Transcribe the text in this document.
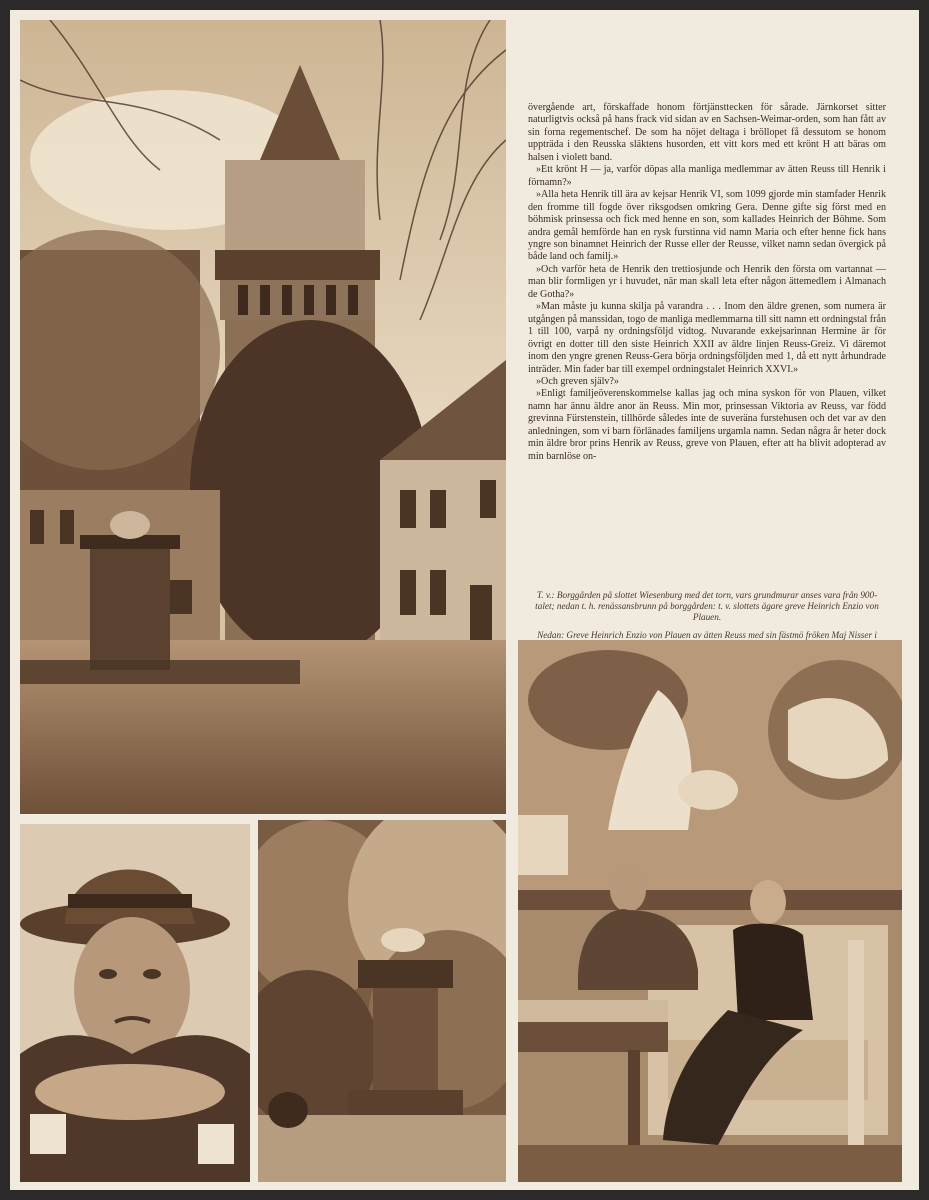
övergående art, förskaffade honom förtjänsttecken för sårade. Järnkorset sitter naturligtvis också på hans frack vid sidan av en Sachsen-Weimar-orden, som han fått av sin forna regementschef. De som ha nöjet deltaga i bröllopet få dessutom se honom uppträda i den Reusska släktens husorden, ett vitt kors med ett krönt H att bäras om halsen i violett band.

»Ett krönt H — ja, varför döpas alla manliga medlemmar av ätten Reuss till Henrik i förnamn?»

»Alla heta Henrik till ära av kejsar Henrik VI, som 1099 gjorde min stamfader Henrik den fromme till fogde över riksgodsen omkring Gera. Denne gifte sig först med en böhmisk prinsessa och fick med henne en son, som kallades Heinrich der Böhme. Som andra gemål hemförde han en rysk furstinna vid namn Maria och efter henne fick hans yngre son binamnet Heinrich der Russe eller der Reusse, vilket namn sedan övergick på både land och familj.»

»Och varför heta de Henrik den trettiosjunde och Henrik den första om vartannat — man blir formligen yr i huvudet, när man skall leta efter någon ättemedlem i Almanach de Gotha?»

»Man måste ju kunna skilja på varandra . . . Inom den äldre grenen, som numera är utgången på manssidan, togo de manliga medlemmarna till sitt namn ett ordningstal från 1 till 100, varpå ny ordningsföljd vidtog. Nuvarande exkejsarinnan Hermine är för övrigt en dotter till den siste Heinrich XXII av äldre linjen Reuss-Greiz. Vi däremot inom den yngre grenen Reuss-Gera börja ordningsföljden med 1, då ett nytt århundrade inträder. Min fader bar till exempel ordningstalet Heinrich XXVI.»

»Och greven själv?»

»Enligt familjeöverenskommelse kallas jag och mina syskon för von Plauen, vilket namn har ännu äldre anor än Reuss. Min mor, prinsessan Viktoria av Reuss, var född grevinna Fürstenstein, tillhörde således inte de suveräna furstehusen och det var av den anledningen, som vi barn förlänades familjens urgamla namn. Sedan några år heter dock min äldre bror prins Henrik av Reuss, greve von Plauen, efter att ha blivit adopterad av min barnlöse on-

T. v.: Borggården på slottet Wiesenburg med det torn, vars grundmurar anses vara från 900-talet; nedan t. h. renässansbrunn på borggården: t. v. slottets ägare greve Heinrich Enzio von Plauen.
Nedan: Greve Heinrich Enzio von Plauen av ätten Reuss med sin fästmö fröken Maj Nisser i
